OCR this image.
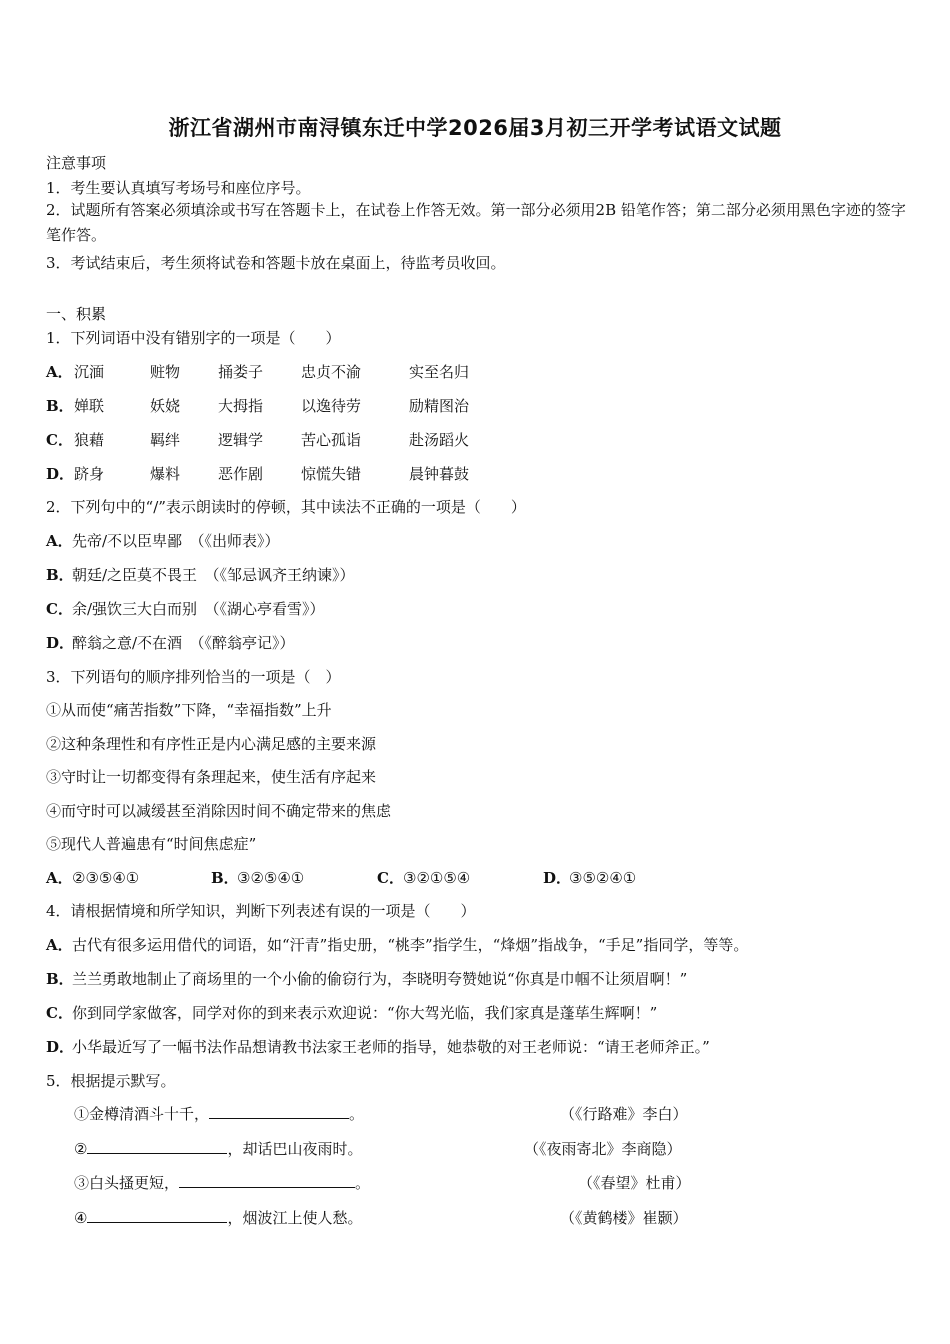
浙江省湖州市南浔镇东迁中学2026届3月初三开学考试语文试题
注意事项
1．考生要认真填写考场号和座位序号。
2．试题所有答案必须填涂或书写在答题卡上，在试卷上作答无效。第一部分必须用2B 铅笔作答；第二部分必须用黑色字迹的签字笔作答。
3．考试结束后，考生须将试卷和答题卡放在桌面上，待监考员收回。
一、积累
1．下列词语中没有错别字的一项是（　　）
A． 沉湎	赃物	捅娄子	忠贞不渝	实至名归
B． 婵联	妖娆	大拇指	以逸待劳	励精图治
C． 狼藉	羁绊	逻辑学	苦心孤诣	赴汤蹈火
D． 跻身	爆料	恶作剧	惊慌失错	晨钟暮鼓
2．下列句中的“/”表示朗读时的停顿，其中读法不正确的一项是（　　）
A．先帝/不以臣卑鄙　（《出师表》）
B．朝廷/之臣莫不畏王　（《邹忌讽齐王纳谏》）
C．余/强饮三大白而别　（《湖心亭看雪》）
D．醉翁之意/不在酒　（《醉翁亭记》）
3．下列语句的顺序排列恰当的一项是（　）
①从而使“痛苦指数”下降，“幸福指数”上升
②这种条理性和有序性正是内心满足感的主要来源
③守时让一切都变得有条理起来，使生活有序起来
④而守时可以减缓甚至消除因时间不确定带来的焦虑
⑤现代人普遍患有“时间焦虑症”
A．②③⑤④①	B．③②⑤④①	C．③②①⑤④	D．③⑤②④①
4．请根据情境和所学知识，判断下列表述有误的一项是（　　）
A．古代有很多运用借代的词语，如“汗青”指史册，“桃李”指学生，“烽烟”指战争，“手足”指同学，等等。
B．兰兰勇敢地制止了商场里的一个小偷的偷窃行为，李晓明夸赞她说“你真是巾帼不让须眉啊！”
C．你到同学家做客，同学对你的到来表示欢迎说：“你大驾光临，我们家真是蓬荜生辉啊！”
D．小华最近写了一幅书法作品想请教书法家王老师的指导，她恭敬的对王老师说：“请王老师斧正。”
5．根据提示默写。
①金樽清酒斗十千，	。	（《行路难》李白）
②	，却话巴山夜雨时。	（《夜雨寄北》李商隐）
③白头搔更短，	。	（《春望》杜甫）
④	，烟波江上使人愁。	（《黄鹤楼》崔颢）
